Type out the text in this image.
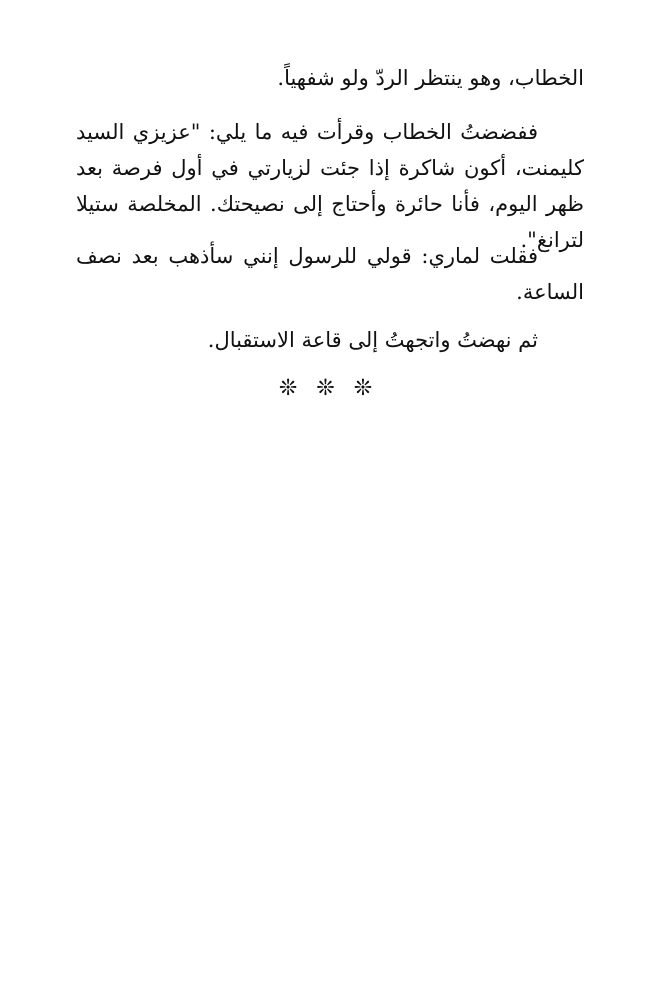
الخطاب، وهو ينتظر الردّ ولو شفهياً.

ففضضتُ الخطاب وقرأت فيه ما يلي: "عزيزي السيد كليمنت، أكون شاكرة إذا جئت لزيارتي في أول فرصة بعد ظهر اليوم، فأنا حائرة وأحتاج إلى نصيحتك. المخلصة ستيلا لترانغ".

فقلت لماري: قولي للرسول إنني سأذهب بعد نصف الساعة.

ثم نهضتُ واتجهتُ إلى قاعة الاستقبال.

❊ ❊ ❊
